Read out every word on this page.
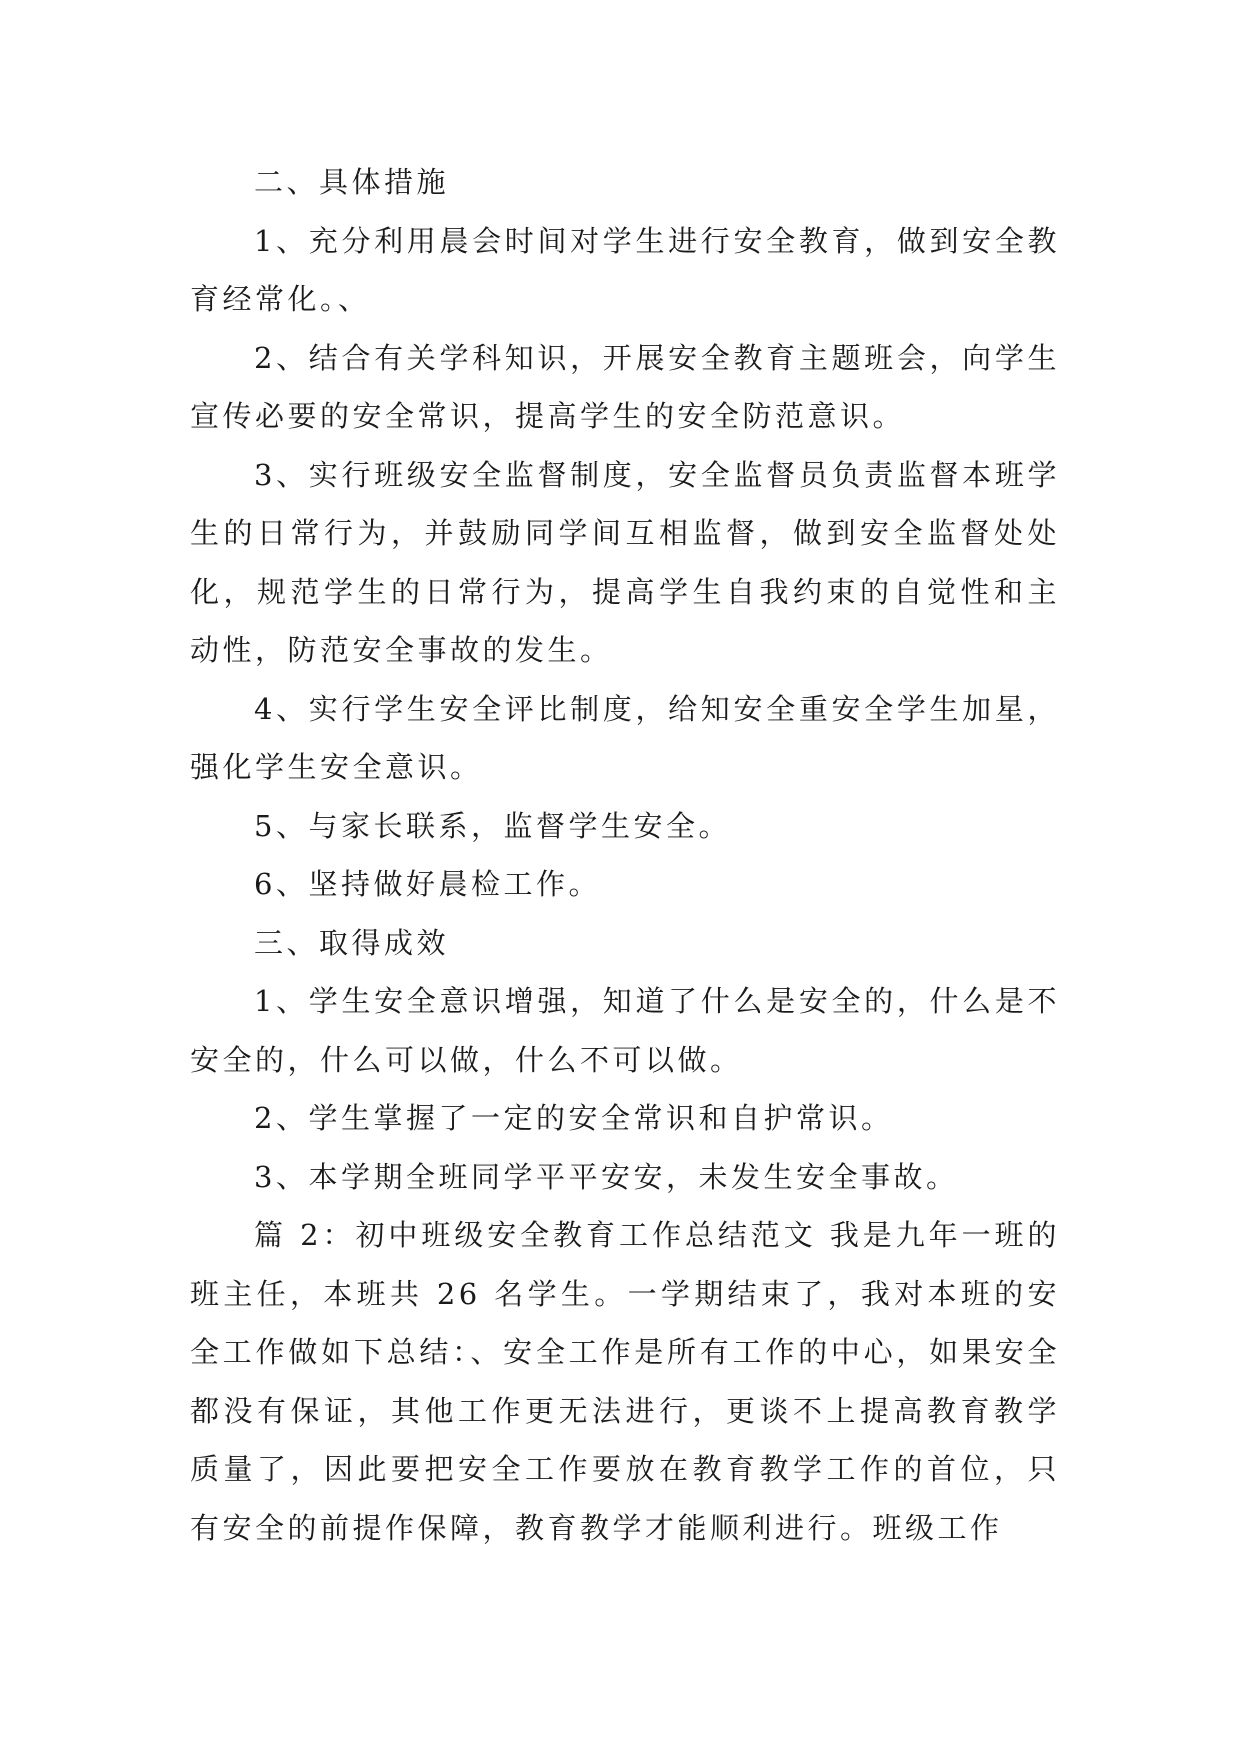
二、具体措施

1、充分利用晨会时间对学生进行安全教育，做到安全教育经常化。、

2、结合有关学科知识，开展安全教育主题班会，向学生宣传必要的安全常识，提高学生的安全防范意识。

3、实行班级安全监督制度，安全监督员负责监督本班学生的日常行为，并鼓励同学间互相监督，做到安全监督处处化，规范学生的日常行为，提高学生自我约束的自觉性和主动性，防范安全事故的发生。

4、实行学生安全评比制度，给知安全重安全学生加星，强化学生安全意识。

5、与家长联系，监督学生安全。

6、坚持做好晨检工作。

三、取得成效

1、学生安全意识增强，知道了什么是安全的，什么是不安全的，什么可以做，什么不可以做。

2、学生掌握了一定的安全常识和自护常识。

3、本学期全班同学平平安安，未发生安全事故。

篇 2：初中班级安全教育工作总结范文 我是九年一班的班主任，本班共 26 名学生。一学期结束了，我对本班的安全工作做如下总结：、安全工作是所有工作的中心，如果安全都没有保证，其他工作更无法进行，更谈不上提高教育教学质量了，因此要把安全工作要放在教育教学工作的首位，只有安全的前提作保障，教育教学才能顺利进行。班级工作
